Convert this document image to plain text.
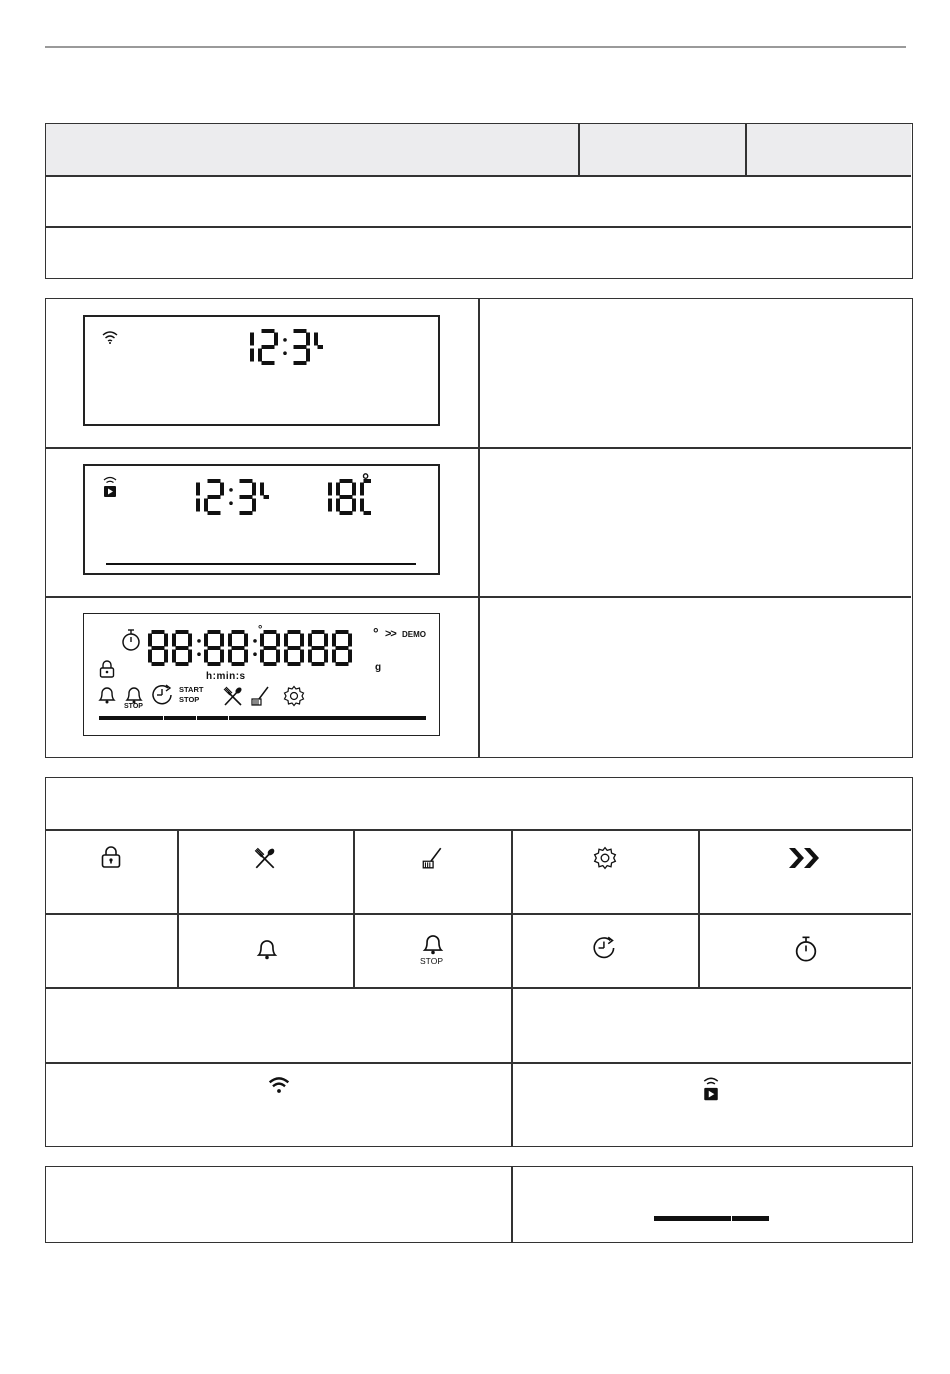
°
°	° >> DEMO
g
h:min:s
STOP
START
STOP
STOP
